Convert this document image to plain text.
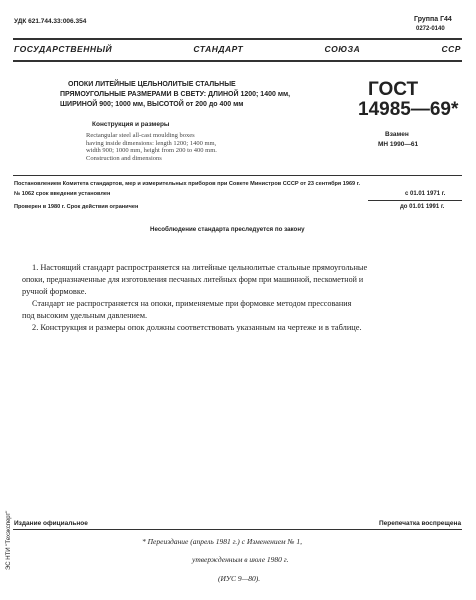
УДК 621.744.33:006.354	Группа Г44
0272-0140
ГОСУДАРСТВЕННЫЙ	СТАНДАРТ	СОЮЗА	ССР
ОПОКИ ЛИТЕЙНЫЕ ЦЕЛЬНОЛИТЫЕ СТАЛЬНЫЕ
ПРЯМОУГОЛЬНЫЕ РАЗМЕРАМИ В СВЕТУ: ДЛИНОЙ 1200; 1400 мм,
ШИРИНОЙ 900; 1000 мм, ВЫСОТОЙ от 200 до 400 мм
Конструкция и размеры
Rectangular steel all-cast moulding boxes
having inside dimensions: length 1200; 1400 mm,
width 900; 1000 mm, height from 200 to 400 mm.
Construction and dimensions
ГОСТ
14985—69*
Взамен
МН 1990—61
Постановлением Комитета стандартов, мер и измерительных приборов при Совете Министров СССР от 23 сентября 1969 г.
№ 1062 срок введения установлен	с 01.01 1971 г.
Проверен в 1980 г. Срок действия ограничен	до 01.01 1991 г.
Несоблюдение стандарта преследуется по закону

1. Настоящий стандарт распространяется на литейные цельнолитые стальные прямоугольные

опоки, предназначенные для изготовления песчаных литейных форм при машинной, пескометной и

ручной формовке.

Стандарт не распространяется на опоки, применяемые при формовке методом прессования

под высоким удельным давлением.

2. Конструкция и размеры опок должны соответствовать указанным на чертеже и в таблице.

ЭС НТИ "Техэксперт" Издание официальное	Перепечатка воспрещена
* Переиздание (апрель 1981 г.) с Изменением № 1,
утвержденным в июле 1980 г.
(ИУС 9—80).
